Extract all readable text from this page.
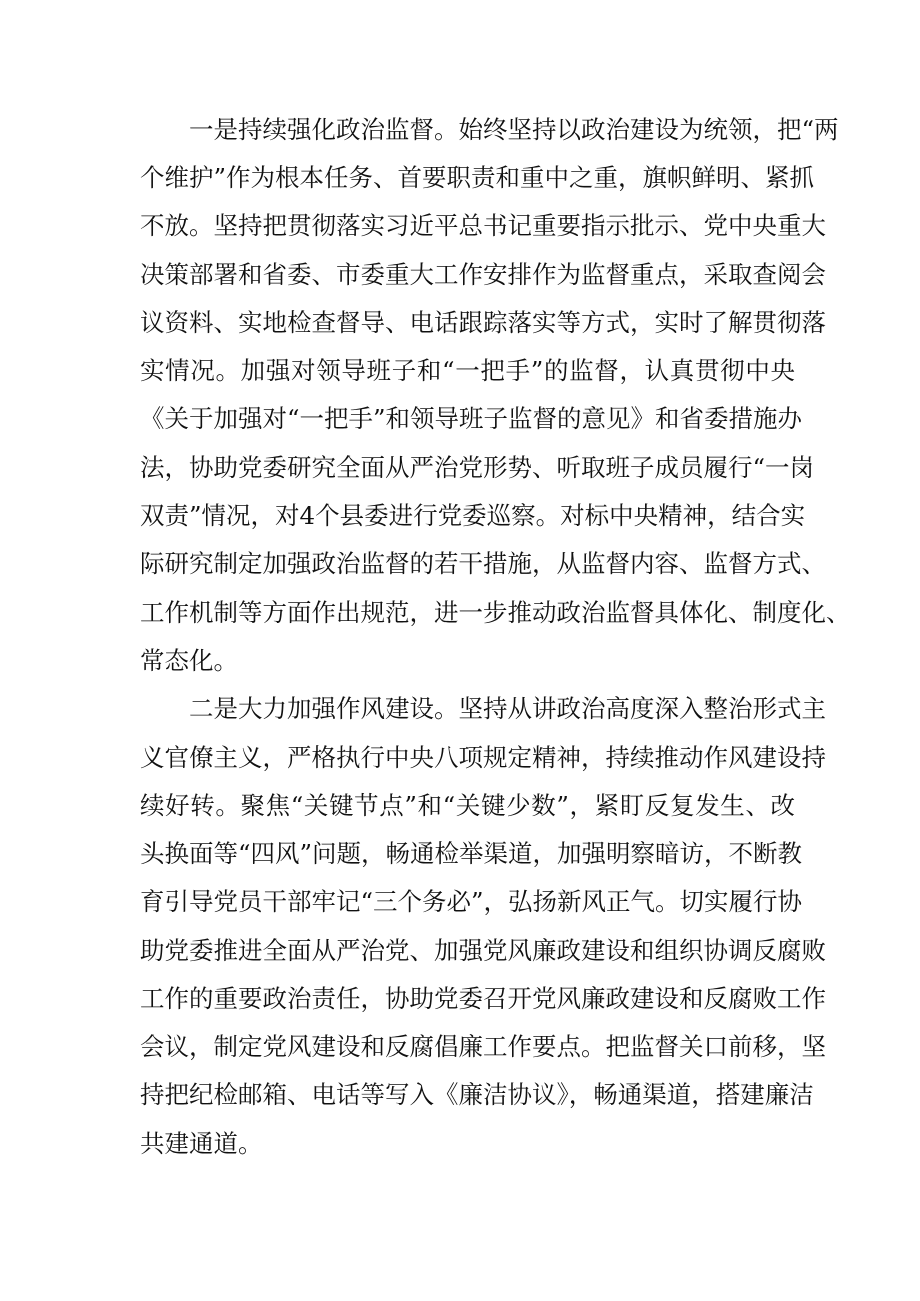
一是持续强化政治监督。始终坚持以政治建设为统领，把“两
个维护”作为根本任务、首要职责和重中之重，旗帜鲜明、紧抓
不放。坚持把贯彻落实习近平总书记重要指示批示、党中央重大
决策部署和省委、市委重大工作安排作为监督重点，采取查阅会
议资料、实地检查督导、电话跟踪落实等方式，实时了解贯彻落
实情况。加强对领导班子和“一把手”的监督，认真贯彻中央
《关于加强对“一把手”和领导班子监督的意见》和省委措施办
法，协助党委研究全面从严治党形势、听取班子成员履行“一岗
双责”情况，对4个县委进行党委巡察。对标中央精神，结合实
际研究制定加强政治监督的若干措施，从监督内容、监督方式、
工作机制等方面作出规范，进一步推动政治监督具体化、制度化、
常态化。
二是大力加强作风建设。坚持从讲政治高度深入整治形式主
义官僚主义，严格执行中央八项规定精神，持续推动作风建设持
续好转。聚焦“关键节点”和“关键少数”，紧盯反复发生、改
头换面等“四风”问题，畅通检举渠道，加强明察暗访，不断教
育引导党员干部牢记“三个务必”，弘扬新风正气。切实履行协
助党委推进全面从严治党、加强党风廉政建设和组织协调反腐败
工作的重要政治责任，协助党委召开党风廉政建设和反腐败工作
会议，制定党风建设和反腐倡廉工作要点。把监督关口前移，坚
持把纪检邮箱、电话等写入《廉洁协议》，畅通渠道，搭建廉洁
共建通道。
